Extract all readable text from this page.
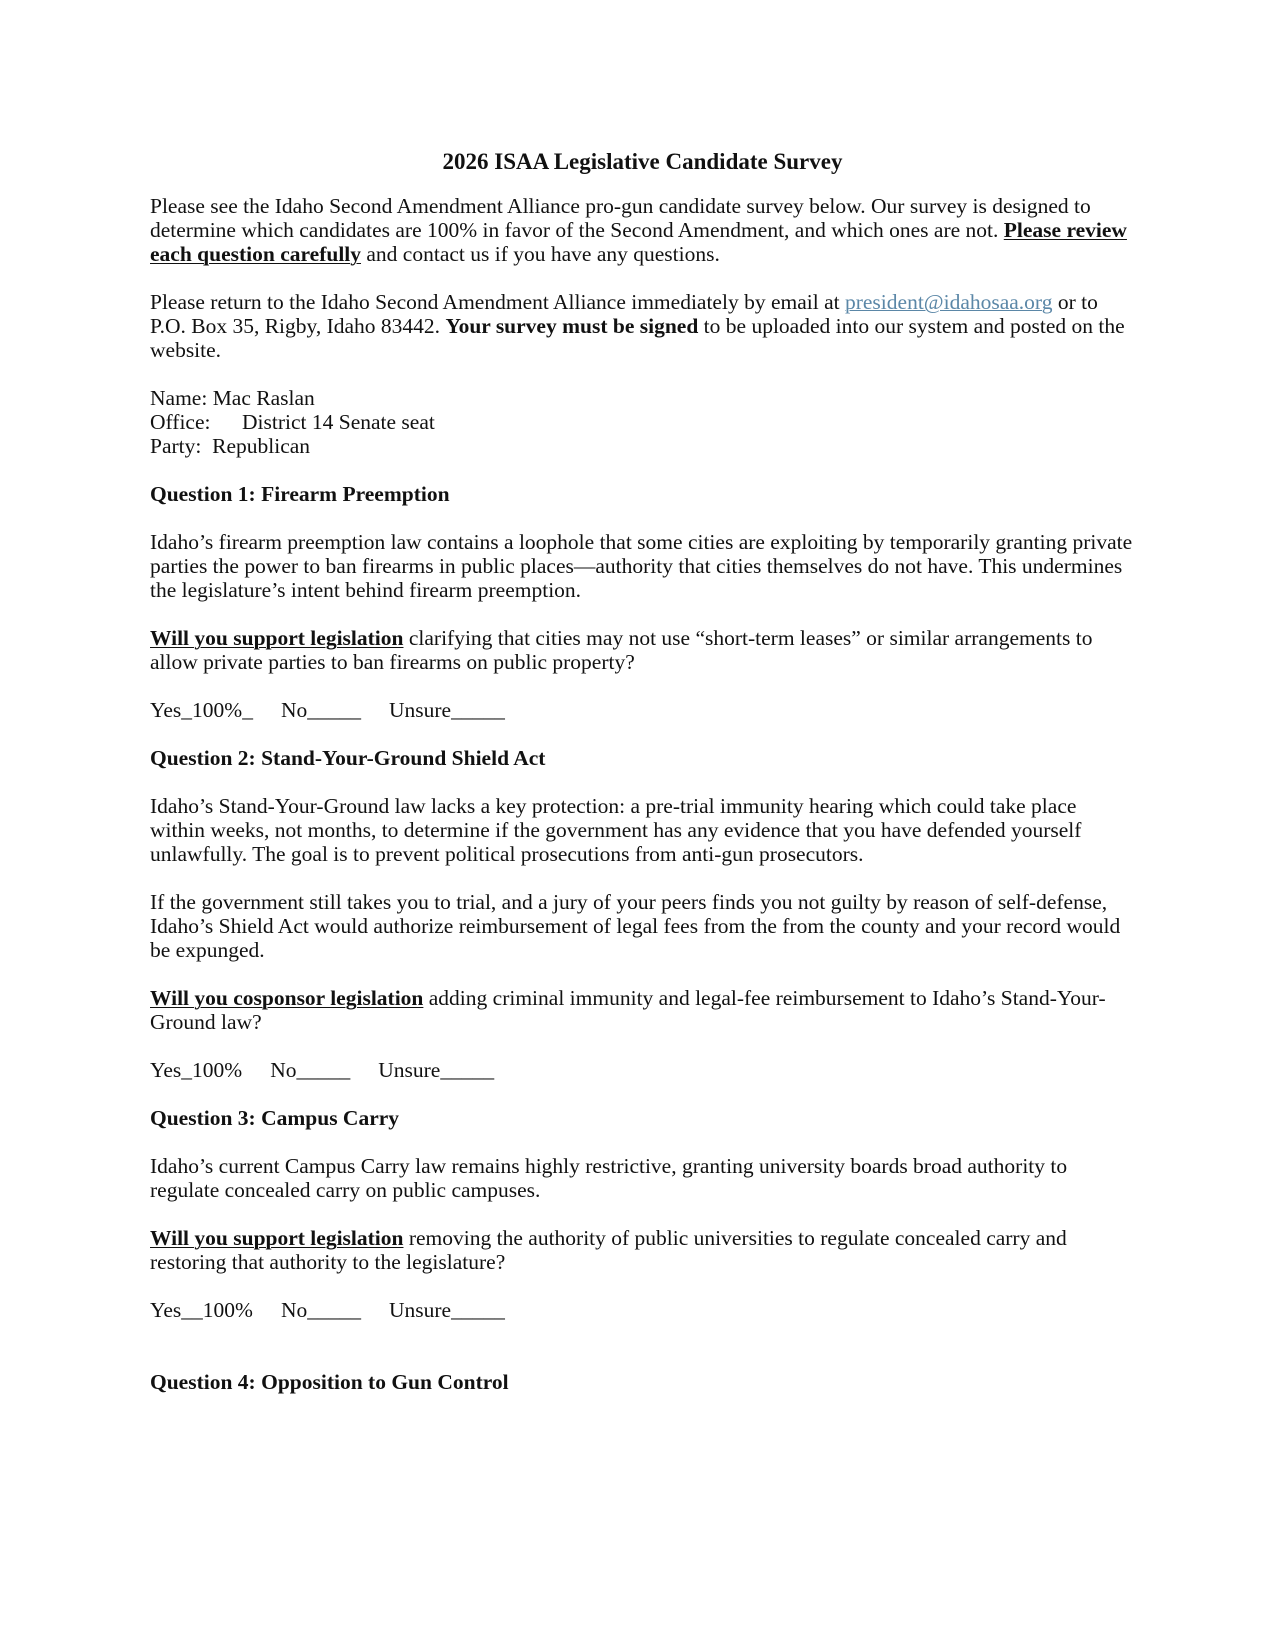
2026 ISAA Legislative Candidate Survey

Please see the Idaho Second Amendment Alliance pro-gun candidate survey below. Our survey is designed to determine which candidates are 100% in favor of the Second Amendment, and which ones are not. Please review each question carefully and contact us if you have any questions.

Please return to the Idaho Second Amendment Alliance immediately by email at president@idahosaa.org or to P.O. Box 35, Rigby, Idaho 83442. Your survey must be signed to be uploaded into our system and posted on the website.

Name: Mac Raslan

Office: District 14 Senate seat

Party: Republican

Question 1: Firearm Preemption

Idaho’s firearm preemption law contains a loophole that some cities are exploiting by temporarily granting private parties the power to ban firearms in public places—authority that cities themselves do not have. This undermines the legislature’s intent behind firearm preemption.

Will you support legislation clarifying that cities may not use “short-term leases” or similar arrangements to allow private parties to ban firearms on public property?

Yes_100%_ No_____ Unsure_____

Question 2: Stand-Your-Ground Shield Act

Idaho’s Stand-Your-Ground law lacks a key protection: a pre-trial immunity hearing which could take place within weeks, not months, to determine if the government has any evidence that you have defended yourself unlawfully. The goal is to prevent political prosecutions from anti-gun prosecutors.

If the government still takes you to trial, and a jury of your peers finds you not guilty by reason of self-defense, Idaho’s Shield Act would authorize reimbursement of legal fees from the from the county and your record would be expunged.

Will you cosponsor legislation adding criminal immunity and legal-fee reimbursement to Idaho’s Stand-Your-Ground law?

Yes_100% No_____ Unsure_____

Question 3: Campus Carry

Idaho’s current Campus Carry law remains highly restrictive, granting university boards broad authority to regulate concealed carry on public campuses.

Will you support legislation removing the authority of public universities to regulate concealed carry and restoring that authority to the legislature?

Yes__100% No_____ Unsure_____

Question 4: Opposition to Gun Control
